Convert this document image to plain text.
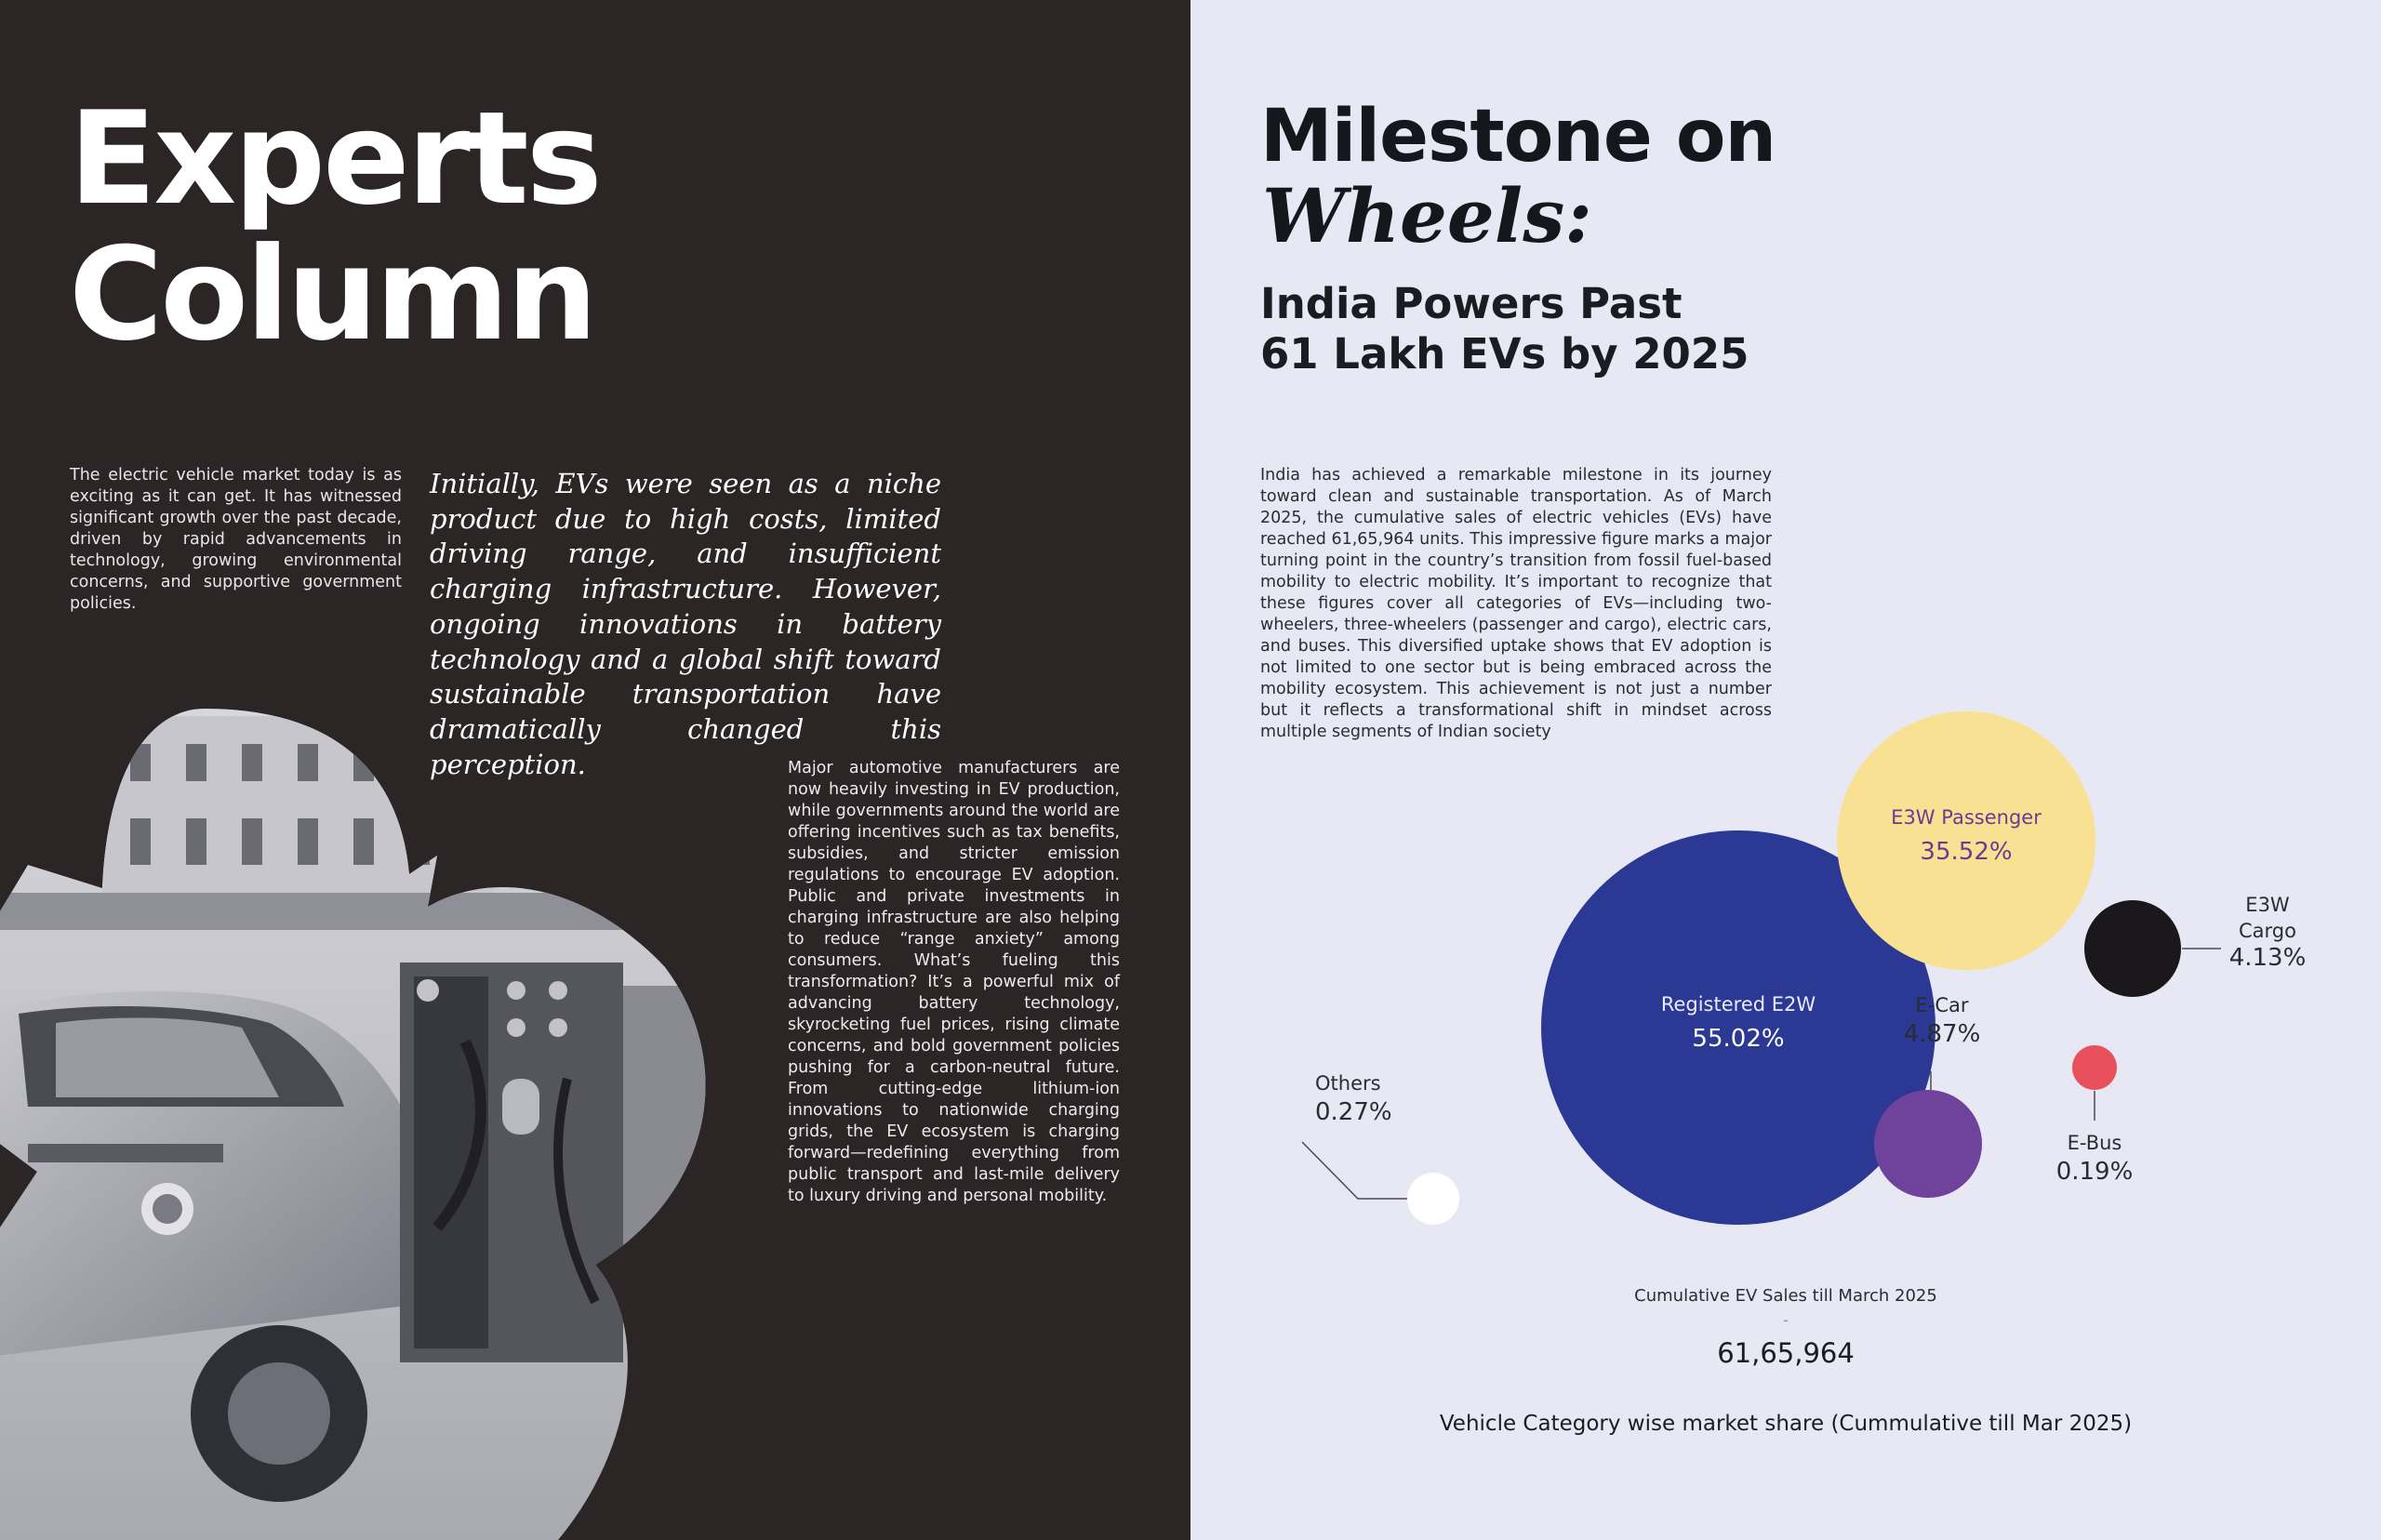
Experts
Column

The electric vehicle market today is as exciting as it can get. It has witnessed significant growth over the past decade, driven by rapid advancements in technology, growing environmental concerns, and supportive government policies.

Initially, EVs were seen as a niche product due to high costs, limited driving range, and insufficient charging infrastructure. However, ongoing innovations in battery technology and a global shift toward sustainable transportation have dramatically changed this perception.	Major automotive manufacturers are now heavily investing in EV production, while governments around the world are offering incentives such as tax benefits, subsidies, and stricter emission regulations to encourage EV adoption. Public and private investments in charging infrastructure are also helping to reduce “range anxiety” among consumers. What’s fueling this transformation? It’s a powerful mix of advancing battery technology, skyrocketing fuel prices, rising climate concerns, and bold government policies pushing for a carbon-neutral future. From cutting-edge lithium-ion innovations to nationwide charging grids, the EV ecosystem is charging forward—redefining everything from public transport and last-mile delivery to luxury driving and personal mobility.

Milestone on
Wheels:
India Powers Past
61 Lakh EVs by 2025

India has achieved a remarkable milestone in its journey toward clean and sustainable transportation. As of March 2025, the cumulative sales of electric vehicles (EVs) have reached 61,65,964 units. This impressive figure marks a major turning point in the country’s transition from fossil fuel-based mobility to electric mobility. It’s important to recognize that these figures cover all categories of EVs—including two-wheelers, three-wheelers (passenger and cargo), electric cars, and buses. This diversified uptake shows that EV adoption is not limited to one sector but is being embraced across the mobility ecosystem. This achievement is not just a number but it reflects a transformational shift in mindset across multiple segments of Indian society

Registered E2W
55.02%
E3W Passenger
35.52%
E3W
Cargo
4.13%
E-Car
4.87%
E-Bus
0.19%
Others
0.27%

Cumulative EV Sales till March 2025

-

61,65,964

Vehicle Category wise market share (Cummulative till Mar 2025)
